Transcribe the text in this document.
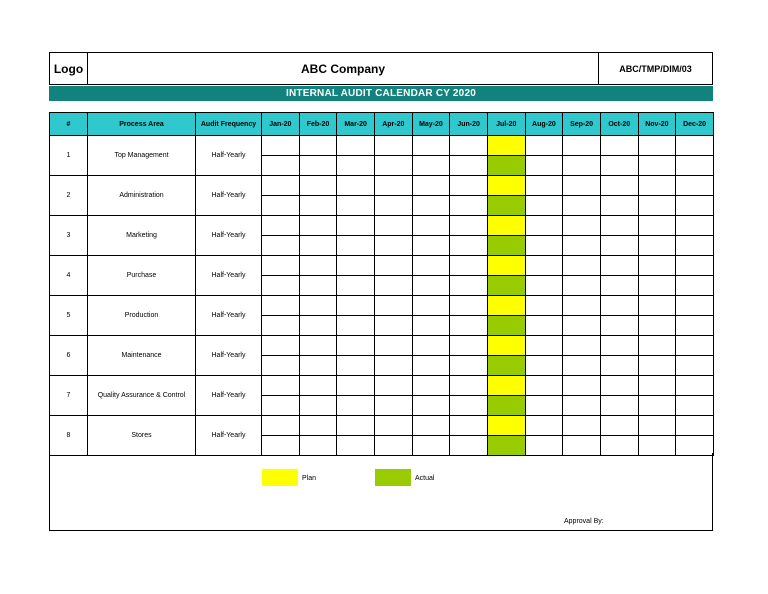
Logo	ABC Company	ABC/TMP/DIM/03
INTERNAL AUDIT CALENDAR CY 2020
#	Process Area	Audit Frequency	Jan-20	Feb-20	Mar-20	Apr-20	May-20	Jun-20	Jul-20	Aug-20	Sep-20	Oct-20	Nov-20	Dec-20
1	Top Management	Half-Yearly												

2	Administration	Half-Yearly												

3	Marketing	Half-Yearly												

4	Purchase	Half-Yearly												

5	Production	Half-Yearly												

6	Maintenance	Half-Yearly												

7	Quality Assurance & Control	Half-Yearly												

8	Stores	Half-Yearly												

Plan	Actual
Approval By:
